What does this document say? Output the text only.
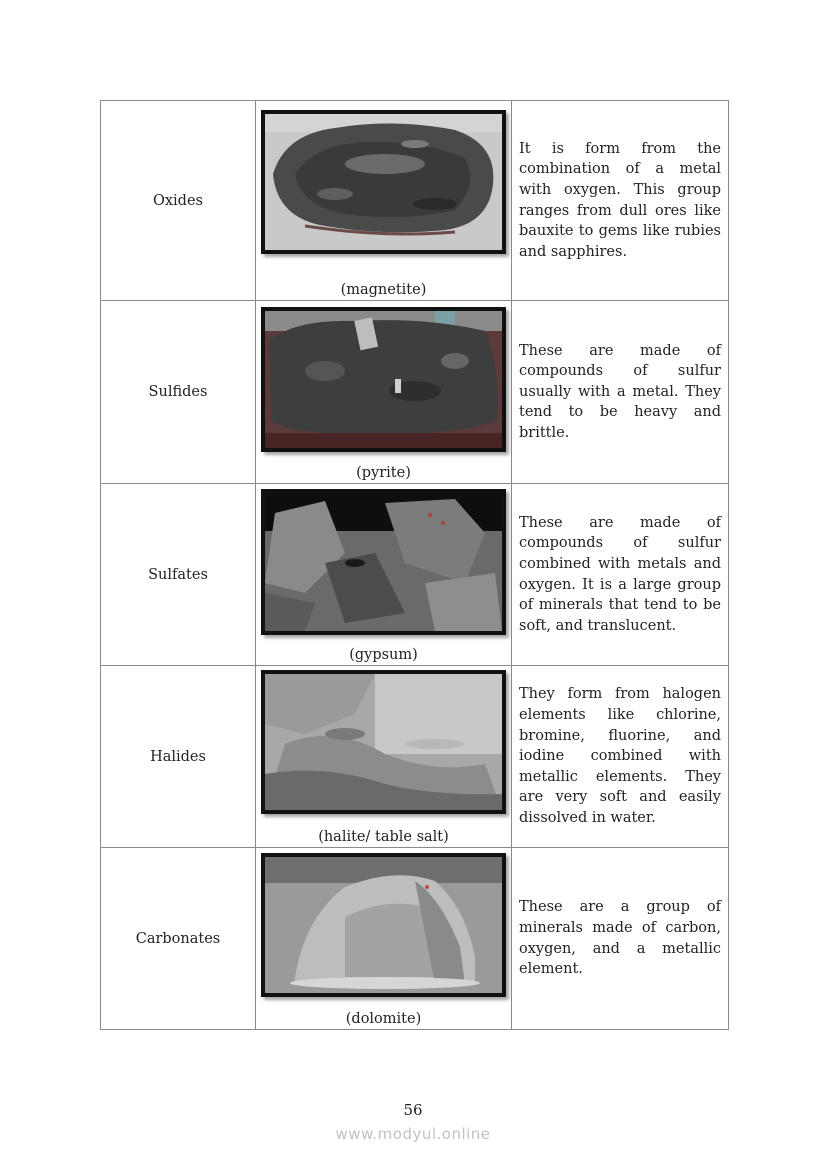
Oxides	(magnetite)	It is form from the combination of a metal with oxygen. This group ranges from dull ores like bauxite to gems like rubies and sapphires.

Sulfides	(pyrite)	These are made of compounds of sulfur usually with a metal. They tend to be heavy and brittle.

Sulfates	(gypsum)	These are made of compounds of sulfur combined with metals and oxygen. It is a large group of minerals that tend to be soft, and translucent.

Halides	(halite/ table salt)	They form from halogen elements like chlorine, bromine, fluorine, and iodine combined with metallic elements. They are very soft and easily dissolved in water.

Carbonates	(dolomite)	These are a group of minerals made of carbon, oxygen, and a metallic element.

56
www.modyul.online
